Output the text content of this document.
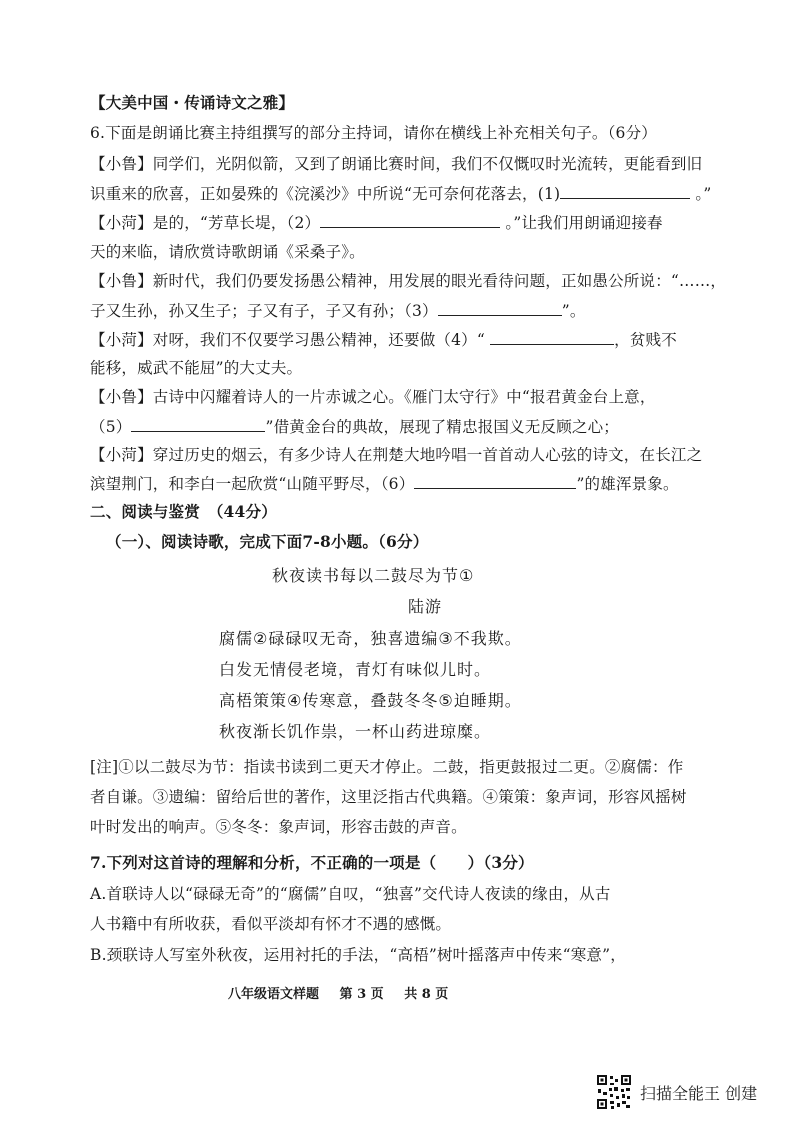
【大美中国・传诵诗文之雅】
6.下面是朗诵比赛主持组撰写的部分主持词，请你在横线上补充相关句子。（6分）
【小鲁】同学们，光阴似箭，又到了朗诵比赛时间，我们不仅慨叹时光流转，更能看到旧
识重来的欣喜，正如晏殊的《浣溪沙》中所说“无可奈何花落去，(1)	。”
【小菏】是的，“芳草长堤，（2）	。”让我们用朗诵迎接春
天的来临，请欣赏诗歌朗诵《采桑子》。
【小鲁】新时代，我们仍要发扬愚公精神，用发展的眼光看待问题，正如愚公所说：“……，
子又生孙，孙又生子；子又有子，子又有孙；（3）	”。
【小菏】对呀，我们不仅要学习愚公精神，还要做（4）“	，贫贱不
能移，威武不能屈”的大丈夫。
【小鲁】古诗中闪耀着诗人的一片赤诚之心。《雁门太守行》中“报君黄金台上意，
（5）	”借黄金台的典故，展现了精忠报国义无反顾之心；
【小菏】穿过历史的烟云，有多少诗人在荆楚大地吟唱一首首动人心弦的诗文，在长江之
滨望荆门，和李白一起欣赏“山随平野尽，（6）	”的雄浑景象。
二、阅读与鉴赏　（44分）
（一）、阅读诗歌，完成下面7-8小题。（6分）
秋夜读书每以二鼓尽为节①
陆游
腐儒②碌碌叹无奇，独喜遗编③不我欺。
白发无情侵老境，青灯有味似儿时。
高梧策策④传寒意，叠鼓冬冬⑤迫睡期。
秋夜渐长饥作祟，一杯山药进琼糜。
[注]①以二鼓尽为节：指读书读到二更天才停止。二鼓，指更鼓报过二更。②腐儒：作
者自谦。③遗编：留给后世的著作，这里泛指古代典籍。④策策：象声词，形容风摇树
叶时发出的响声。⑤冬冬：象声词，形容击鼓的声音。
7.下列对这首诗的理解和分析，不正确的一项是（　　）（3分）
A.首联诗人以“碌碌无奇”的“腐儒”自叹，“独喜”交代诗人夜读的缘由，从古
人书籍中有所收获，看似平淡却有怀才不遇的感慨。
B.颈联诗人写室外秋夜，运用衬托的手法，“高梧”树叶摇落声中传来“寒意”，
八年级语文样题 第 3 页 共 8 页
扫描全能王 创建
